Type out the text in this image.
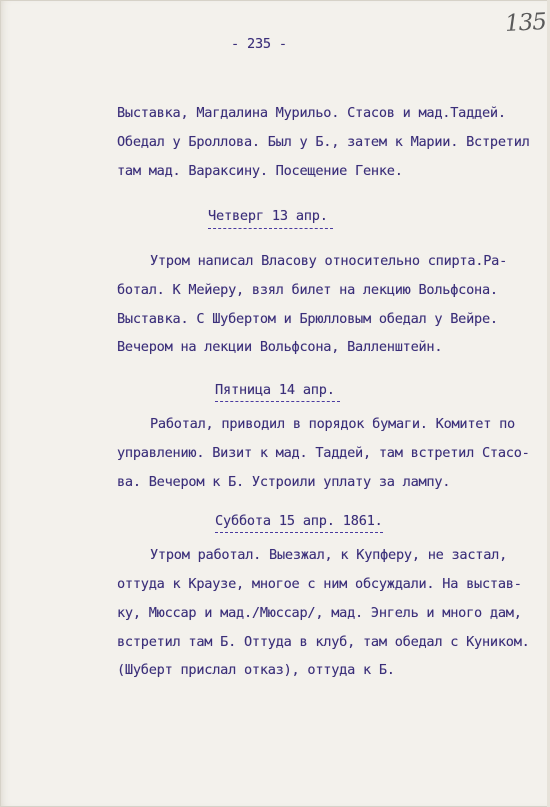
- 235 -

135

Выставка, Магдалина Мурильо. Стасов и мад.Таддей.

Обедал у Броллова. Был у Б., затем к Марии. Встретил

там мад. Вараксину. Посещение Генке.

Четверг 13 апр.

Утром написал Власову относительно спирта.Ра-

ботал. К Мейеру, взял билет на лекцию Вольфсона.

Выставка. С Шубертом и Брюлловым обедал у Вейре.

Вечером на лекции Вольфсона, Валленштейн.

Пятница 14 апр.

Работал, приводил в порядок бумаги. Комитет по

управлению. Визит к мад. Таддей, там встретил Стасо-

ва. Вечером к Б. Устроили уплату за лампу.

Суббота 15 апр. 1861.

Утром работал. Выезжал, к Купферу, не застал,

оттуда к Краузе, многое с ним обсуждали. На выстав-

ку, Мюссар и мад./Мюссар/, мад. Энгель и много дам,

встретил там Б. Оттуда в клуб, там обедал с Куником.

(Шуберт прислал отказ), оттуда к Б.
